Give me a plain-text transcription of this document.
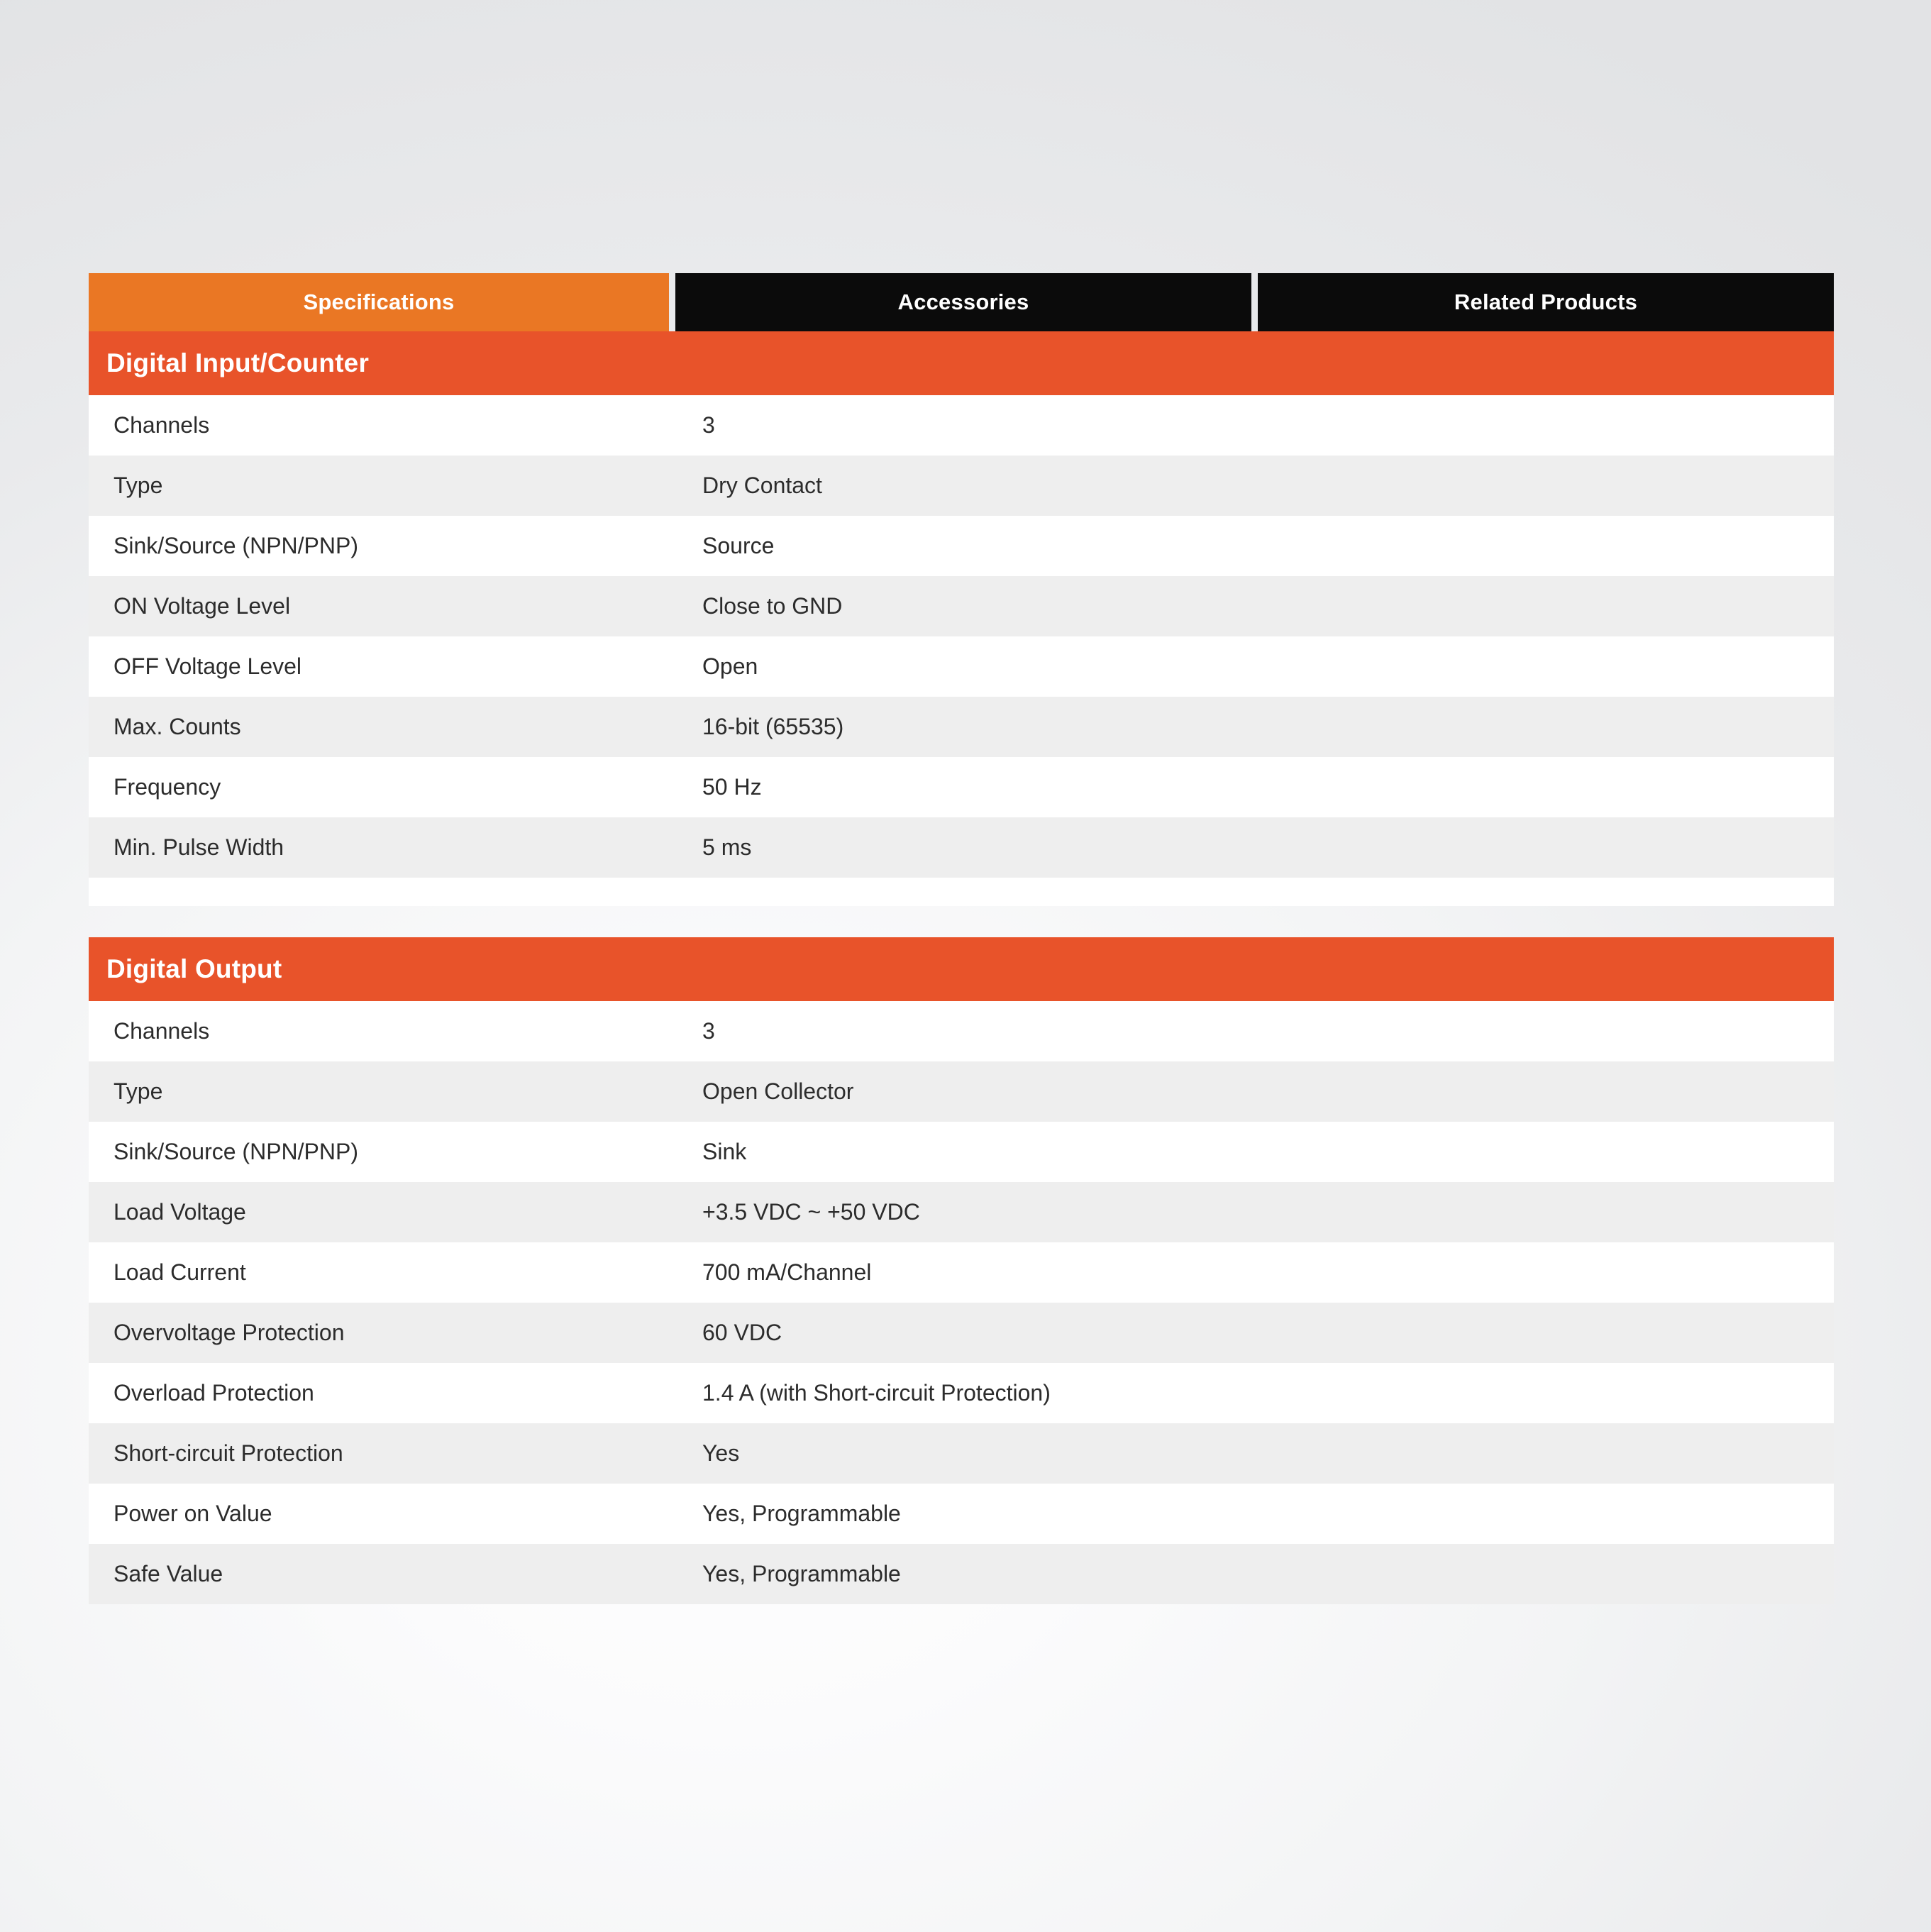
Specifications	Accessories	Related Products
Digital Input/Counter
Channels	3
Type	Dry Contact
Sink/Source (NPN/PNP)	Source
ON Voltage Level	Close to GND
OFF Voltage Level	Open
Max. Counts	16-bit (65535)
Frequency	50 Hz
Min. Pulse Width	5 ms
Digital Output
Channels	3
Type	Open Collector
Sink/Source (NPN/PNP)	Sink
Load Voltage	+3.5 VDC ~ +50 VDC
Load Current	700 mA/Channel
Overvoltage Protection	60 VDC
Overload Protection	1.4 A (with Short-circuit Protection)
Short-circuit Protection	Yes
Power on Value	Yes, Programmable
Safe Value	Yes, Programmable
